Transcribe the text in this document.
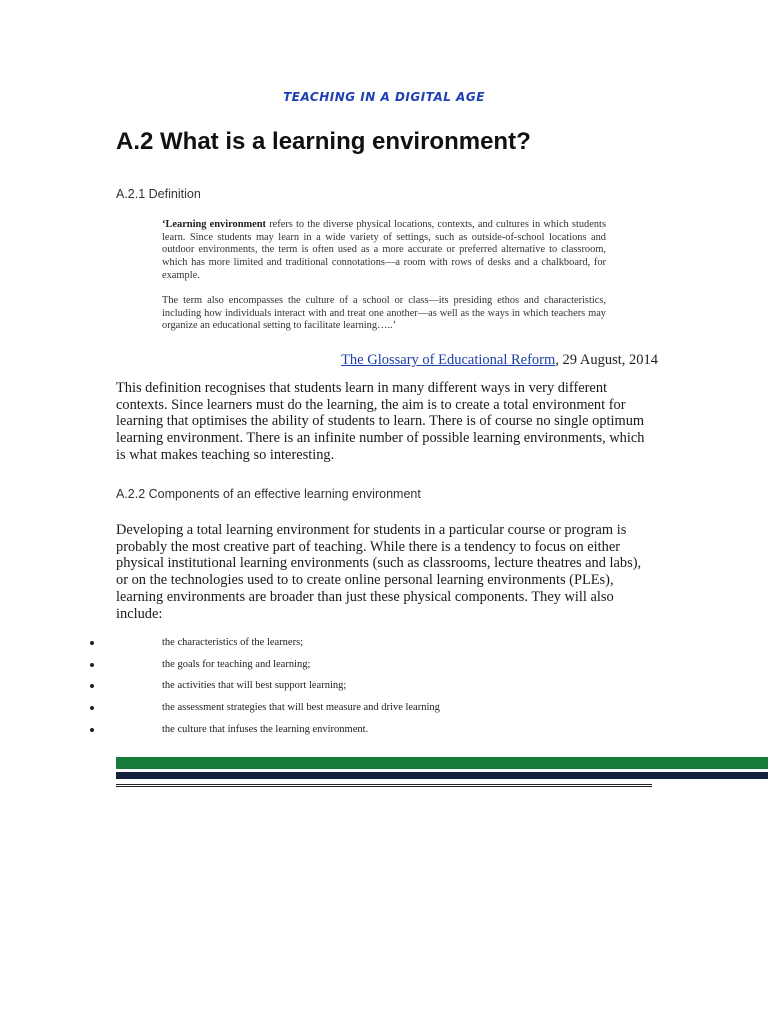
TEACHING IN A DIGITAL AGE
A.2 What is a learning environment?
A.2.1 Definition
‘Learning environment refers to the diverse physical locations, contexts, and cultures in which students learn. Since students may learn in a wide variety of settings, such as outside-of-school locations and outdoor environments, the term is often used as a more accurate or preferred alternative to classroom, which has more limited and traditional connotations—a room with rows of desks and a chalkboard, for example.
The term also encompasses the culture of a school or class—its presiding ethos and characteristics, including how individuals interact with and treat one another—as well as the ways in which teachers may organize an educational setting to facilitate learning…..’
The Glossary of Educational Reform, 29 August, 2014
This definition recognises that students learn in many different ways in very different contexts. Since learners must do the learning, the aim is to create a total environment for learning that optimises the ability of students to learn. There is of course no single optimum learning environment. There is an infinite number of possible learning environments, which is what makes teaching so interesting.
A.2.2 Components of an effective learning environment
Developing a total learning environment for students in a particular course or program is probably the most creative part of teaching. While there is a tendency to focus on either physical institutional learning environments (such as classrooms, lecture theatres and labs), or on the technologies used to to create online personal learning environments (PLEs), learning environments are broader than just these physical components. They will also include:
the characteristics of the learners;
the goals for teaching and learning;
the activities that will best support learning;
the assessment strategies that will best measure and drive learning
the culture that infuses the learning environment.
